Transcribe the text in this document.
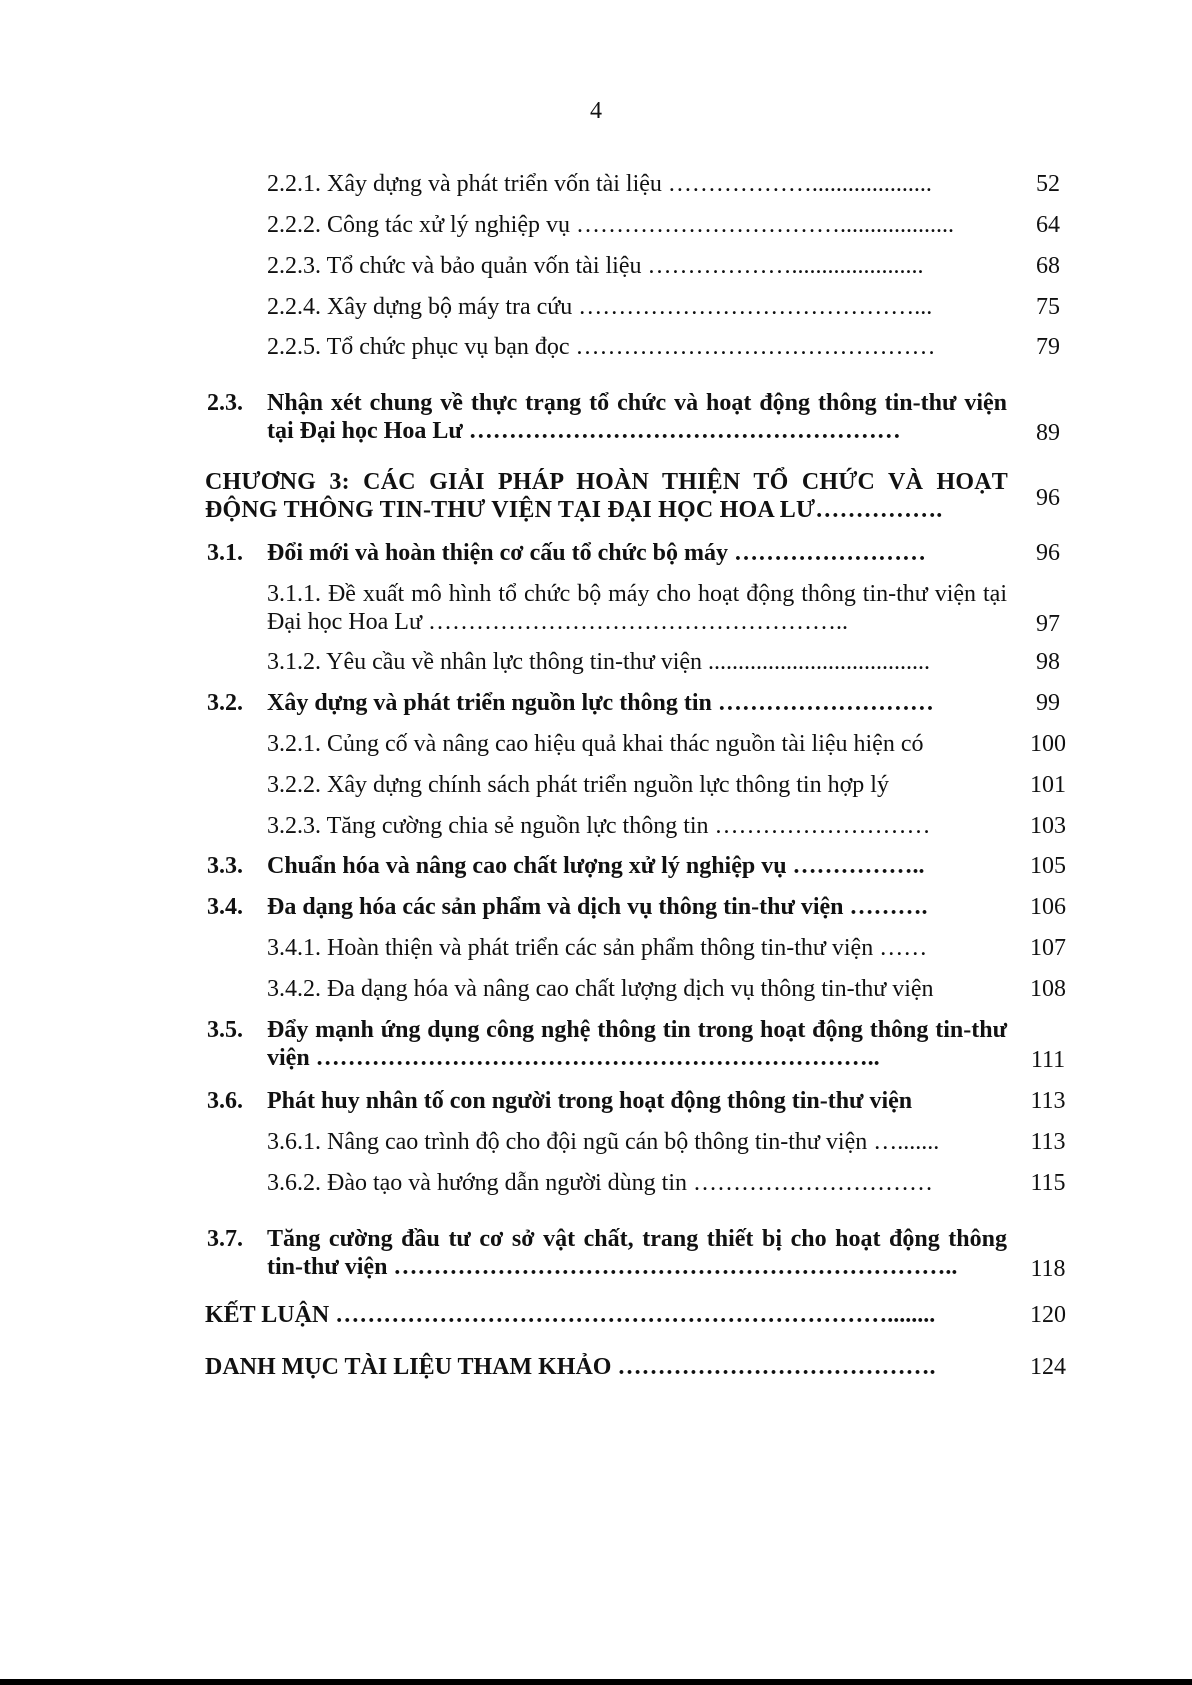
4
2.2.1. Xây dựng và phát triển vốn tài liệu ………………....................	52
2.2.2. Công tác xử lý nghiệp vụ ……………………………...................	64
2.2.3. Tổ chức và bảo quản vốn tài liệu ………………......................	68
2.2.4. Xây dựng bộ máy tra cứu ……………………………………...	75
2.2.5. Tổ chức phục vụ bạn đọc ………………………………………	79
2.3. Nhận xét chung về thực trạng tổ chức và hoạt động thông tin-thư viện tại Đại học Hoa Lư ………………………………………………	89
CHƯƠNG 3: CÁC GIẢI PHÁP HOÀN THIỆN TỔ CHỨC VÀ HOẠT ĐỘNG THÔNG TIN-THƯ VIỆN TẠI ĐẠI HỌC HOA LƯ…………….	96
3.1. Đổi mới và hoàn thiện cơ cấu tổ chức bộ máy ……………………	96
3.1.1. Đề xuất mô hình tổ chức bộ máy cho hoạt động thông tin-thư viện tại Đại học Hoa Lư ……………………………………………..	97
3.1.2. Yêu cầu về nhân lực thông tin-thư viện .....................................	98
3.2. Xây dựng và phát triển nguồn lực thông tin ………………………	99
3.2.1. Củng cố và nâng cao hiệu quả khai thác nguồn tài liệu hiện có	100
3.2.2. Xây dựng chính sách phát triển nguồn lực thông tin hợp lý	101
3.2.3. Tăng cường chia sẻ nguồn lực thông tin ………………………	103
3.3. Chuẩn hóa và nâng cao chất lượng xử lý nghiệp vụ ……………..	105
3.4. Đa dạng hóa các sản phẩm và dịch vụ thông tin-thư viện ……….	106
3.4.1. Hoàn thiện và phát triển các sản phẩm thông tin-thư viện ……	107
3.4.2. Đa dạng hóa và nâng cao chất lượng dịch vụ thông tin-thư viện	108
3.5. Đẩy mạnh ứng dụng công nghệ thông tin trong hoạt động thông tin-thư viện ……………………………………………………………..	111
3.6. Phát huy nhân tố con người trong hoạt động thông tin-thư viện	113
3.6.1. Nâng cao trình độ cho đội ngũ cán bộ thông tin-thư viện ….......	113
3.6.2. Đào tạo và hướng dẫn người dùng tin …………………………	115
3.7. Tăng cường đầu tư cơ sở vật chất, trang thiết bị cho hoạt động thông tin-thư viện ……………………………………………………………..	118
KẾT LUẬN ……………………………………………………………........	120
DANH MỤC TÀI LIỆU THAM KHẢO ………………………………….	124
